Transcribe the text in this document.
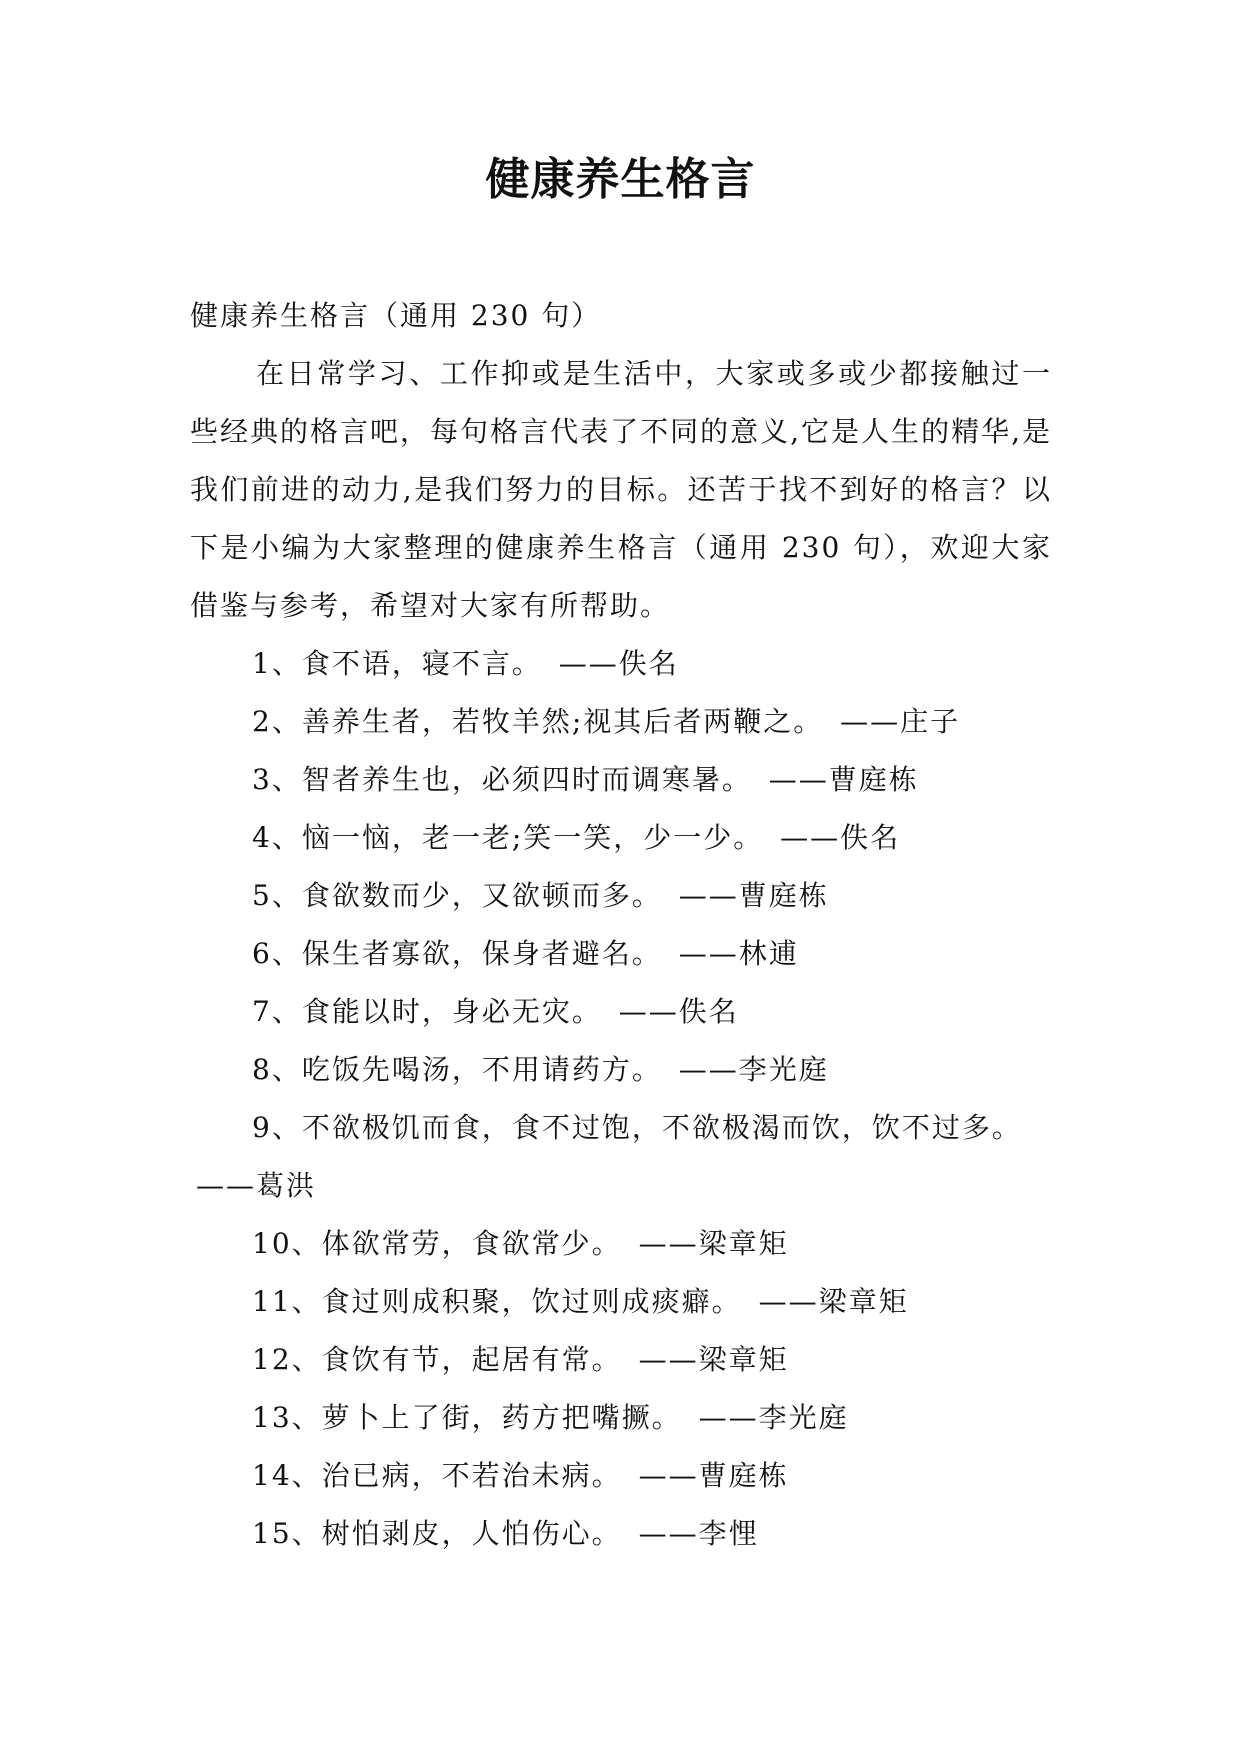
健康养生格言

健康养生格言（通用 230 句）

在日常学习、工作抑或是生活中，大家或多或少都接触过一些经典的格言吧，每句格言代表了不同的意义,它是人生的精华,是我们前进的动力,是我们努力的目标。还苦于找不到好的格言？以下是小编为大家整理的健康养生格言（通用 230 句），欢迎大家借鉴与参考，希望对大家有所帮助。

1、食不语，寝不言。 ——佚名

2、善养生者，若牧羊然;视其后者两鞭之。 ——庄子

3、智者养生也，必须四时而调寒暑。 ——曹庭栋

4、恼一恼，老一老;笑一笑，少一少。 ——佚名

5、食欲数而少，又欲顿而多。 ——曹庭栋

6、保生者寡欲，保身者避名。 ——林逋

7、食能以时，身必无灾。 ——佚名

8、吃饭先喝汤，不用请药方。 ——李光庭

9、不欲极饥而食，食不过饱，不欲极渴而饮，饮不过多。 ——葛洪

10、体欲常劳，食欲常少。 ——梁章矩

11、食过则成积聚，饮过则成痰癖。 ——梁章矩

12、食饮有节，起居有常。 ——梁章矩

13、萝卜上了街，药方把嘴撅。 ——李光庭

14、治已病，不若治未病。 ——曹庭栋

15、树怕剥皮，人怕伤心。 ——李悝
